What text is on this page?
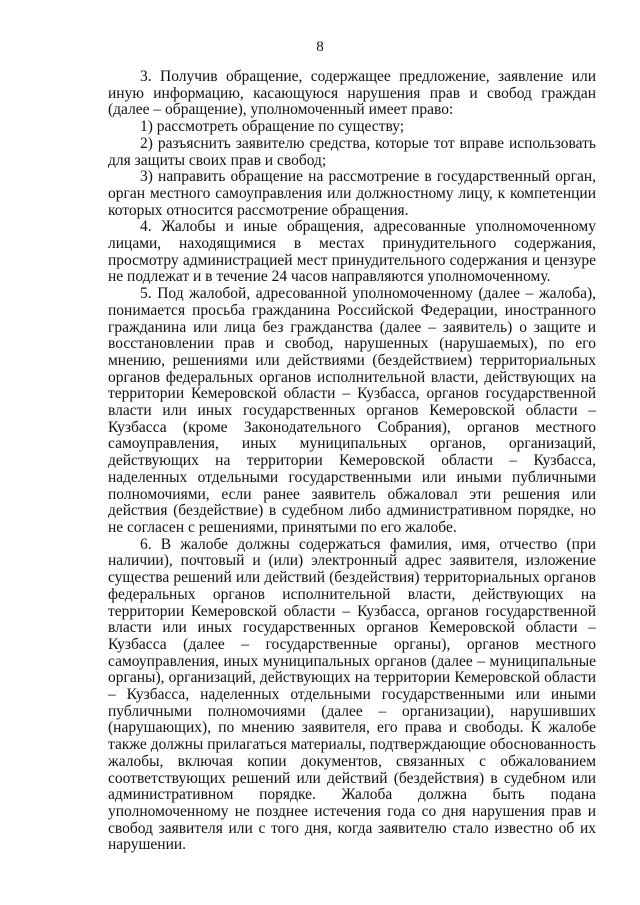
8

3. Получив обращение, содержащее предложение, заявление или иную информацию, касающуюся нарушения прав и свобод граждан (далее – обращение), уполномоченный имеет право:

1) рассмотреть обращение по существу;

2) разъяснить заявителю средства, которые тот вправе использовать для защиты своих прав и свобод;

3) направить обращение на рассмотрение в государственный орган, орган местного самоуправления или должностному лицу, к компетенции которых относится рассмотрение обращения.

4. Жалобы и иные обращения, адресованные уполномоченному лицами, находящимися в местах принудительного содержания, просмотру администрацией мест принудительного содержания и цензуре не подлежат и в течение 24 часов направляются уполномоченному.

5. Под жалобой, адресованной уполномоченному (далее – жалоба), понимается просьба гражданина Российской Федерации, иностранного гражданина или лица без гражданства (далее – заявитель) о защите и восстановлении прав и свобод, нарушенных (нарушаемых), по его мнению, решениями или действиями (бездействием) территориальных органов федеральных органов исполнительной власти, действующих на территории Кемеровской области – Кузбасса, органов государственной власти или иных государственных органов Кемеровской области – Кузбасса (кроме Законодательного Собрания), органов местного самоуправления, иных муниципальных органов, организаций, действующих на территории Кемеровской области – Кузбасса, наделенных отдельными государственными или иными публичными полномочиями, если ранее заявитель обжаловал эти решения или действия (бездействие) в судебном либо административном порядке, но не согласен с решениями, принятыми по его жалобе.

6. В жалобе должны содержаться фамилия, имя, отчество (при наличии), почтовый и (или) электронный адрес заявителя, изложение существа решений или действий (бездействия) территориальных органов федеральных органов исполнительной власти, действующих на территории Кемеровской области – Кузбасса, органов государственной власти или иных государственных органов Кемеровской области – Кузбасса (далее – государственные органы), органов местного самоуправления, иных муниципальных органов (далее – муниципальные органы), организаций, действующих на территории Кемеровской области – Кузбасса, наделенных отдельными государственными или иными публичными полномочиями (далее – организации), нарушивших (нарушающих), по мнению заявителя, его права и свободы. К жалобе также должны прилагаться материалы, подтверждающие обоснованность жалобы, включая копии документов, связанных с обжалованием соответствующих решений или действий (бездействия) в судебном или административном порядке. Жалоба должна быть подана уполномоченному не позднее истечения года со дня нарушения прав и свобод заявителя или с того дня, когда заявителю стало известно об их нарушении.
